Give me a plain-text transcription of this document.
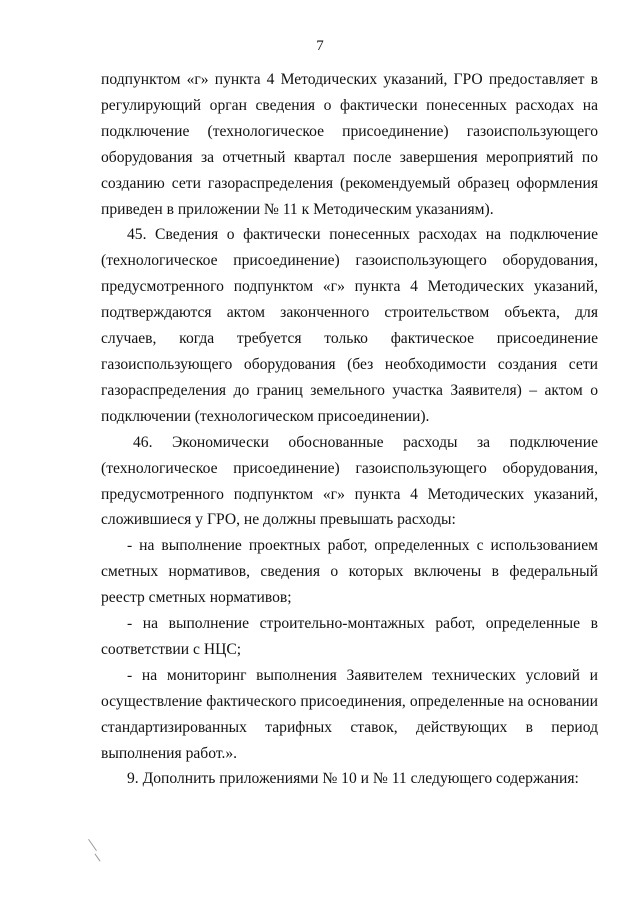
7

подпунктом «г» пункта 4 Методических указаний, ГРО предоставляет в регулирующий орган сведения о фактически понесенных расходах на подключение (технологическое присоединение) газоиспользующего оборудования за отчетный квартал после завершения мероприятий по созданию сети газораспределения (рекомендуемый образец оформления приведен в приложении № 11 к Методическим указаниям).

45. Сведения о фактически понесенных расходах на подключение (технологическое присоединение) газоиспользующего оборудования, предусмотренного подпунктом «г» пункта 4 Методических указаний, подтверждаются актом законченного строительством объекта, для случаев, когда требуется только фактическое присоединение газоиспользующего оборудования (без необходимости создания сети газораспределения до границ земельного участка Заявителя) – актом о подключении (технологическом присоединении).

46. Экономически обоснованные расходы за подключение (технологическое присоединение) газоиспользующего оборудования, предусмотренного подпунктом «г» пункта 4 Методических указаний, сложившиеся у ГРО, не должны превышать расходы:

- на выполнение проектных работ, определенных с использованием сметных нормативов, сведения о которых включены в федеральный реестр сметных нормативов;

- на выполнение строительно-монтажных работ, определенные в соответствии с НЦС;

- на мониторинг выполнения Заявителем технических условий и осуществление фактического присоединения, определенные на основании стандартизированных тарифных ставок, действующих в период выполнения работ.».

9. Дополнить приложениями № 10 и № 11 следующего содержания:
